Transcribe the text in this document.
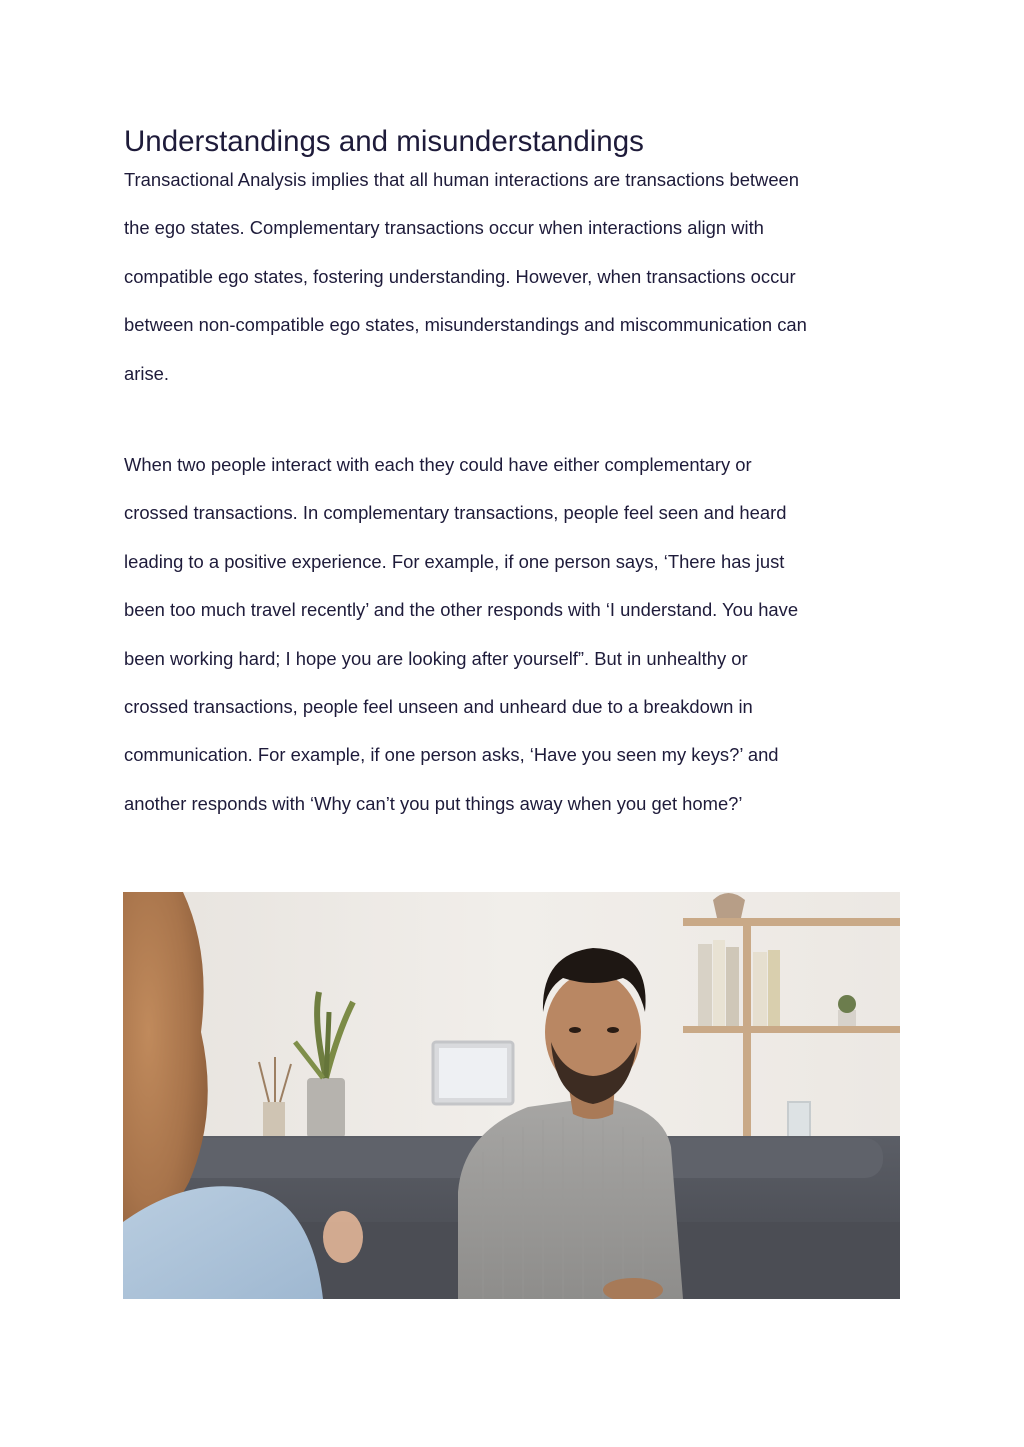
Understandings and misunderstandings

Transactional Analysis implies that all human interactions are transactions between
the ego states. Complementary transactions occur when interactions align with
compatible ego states, fostering understanding. However, when transactions occur
between non-compatible ego states, misunderstandings and miscommunication can
arise.

When two people interact with each they could have either complementary or
crossed transactions. In complementary transactions, people feel seen and heard
leading to a positive experience. For example, if one person says, ‘There has just
been too much travel recently’ and the other responds with ‘I understand. You have
been working hard; I hope you are looking after yourself”. But in unhealthy or
crossed transactions, people feel unseen and unheard due to a breakdown in
communication. For example, if one person asks, ‘Have you seen my keys?’ and
another responds with ‘Why can’t you put things away when you get home?’
